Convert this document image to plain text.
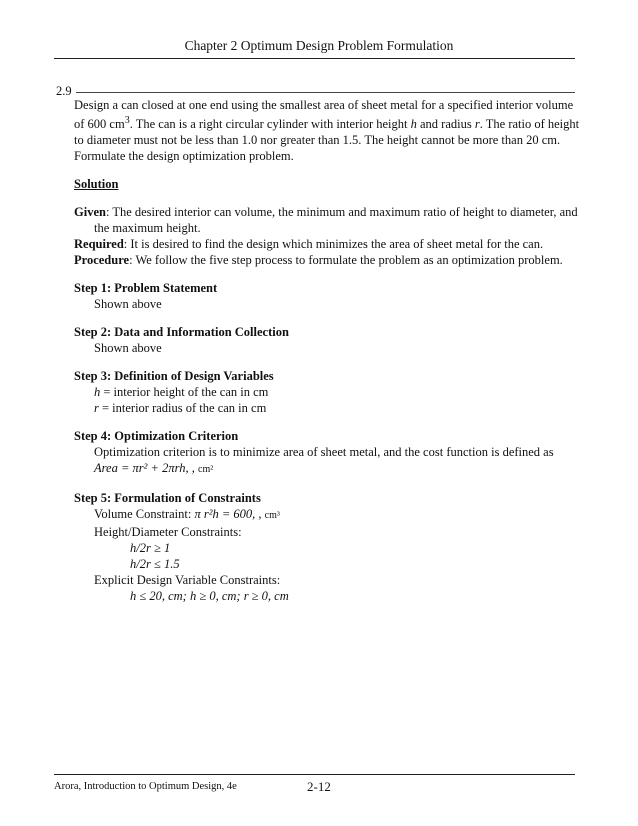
Chapter 2 Optimum Design Problem Formulation
2.9

Design a can closed at one end using the smallest area of sheet metal for a specified interior volume
of 600 $cm^3$. The can is a right circular cylinder with interior height h and radius r. The ratio of height
to diameter must not be less than 1.0 nor greater than 1.5. The height cannot be more than 20 cm.
Formulate the design optimization problem.

Solution

Given: The desired interior can volume, the minimum and maximum ratio of height to diameter, and
the maximum height.

Required: It is desired to find the design which minimizes the area of sheet metal for the can.

Procedure: We follow the five step process to formulate the problem as an optimization problem.

Step 1: Problem Statement

Shown above

Step 2: Data and Information Collection

Shown above

Step 3: Definition of Design Variables

h = interior height of the can in cm

r = interior radius of the can in cm

Step 4: Optimization Criterion

Optimization criterion is to minimize area of sheet metal, and the cost function is defined as

Area = πr² + 2πrh, , cm²

Step 5: Formulation of Constraints

Volume Constraint: π r²h = 600, , cm³

Height/Diameter Constraints:

h/2r ≥ 1

h/2r ≤ 1.5

Explicit Design Variable Constraints:

h ≤ 20, cm; h ≥ 0, cm; r ≥ 0, cm

Arora, Introduction to Optimum Design, 4e	2-12
